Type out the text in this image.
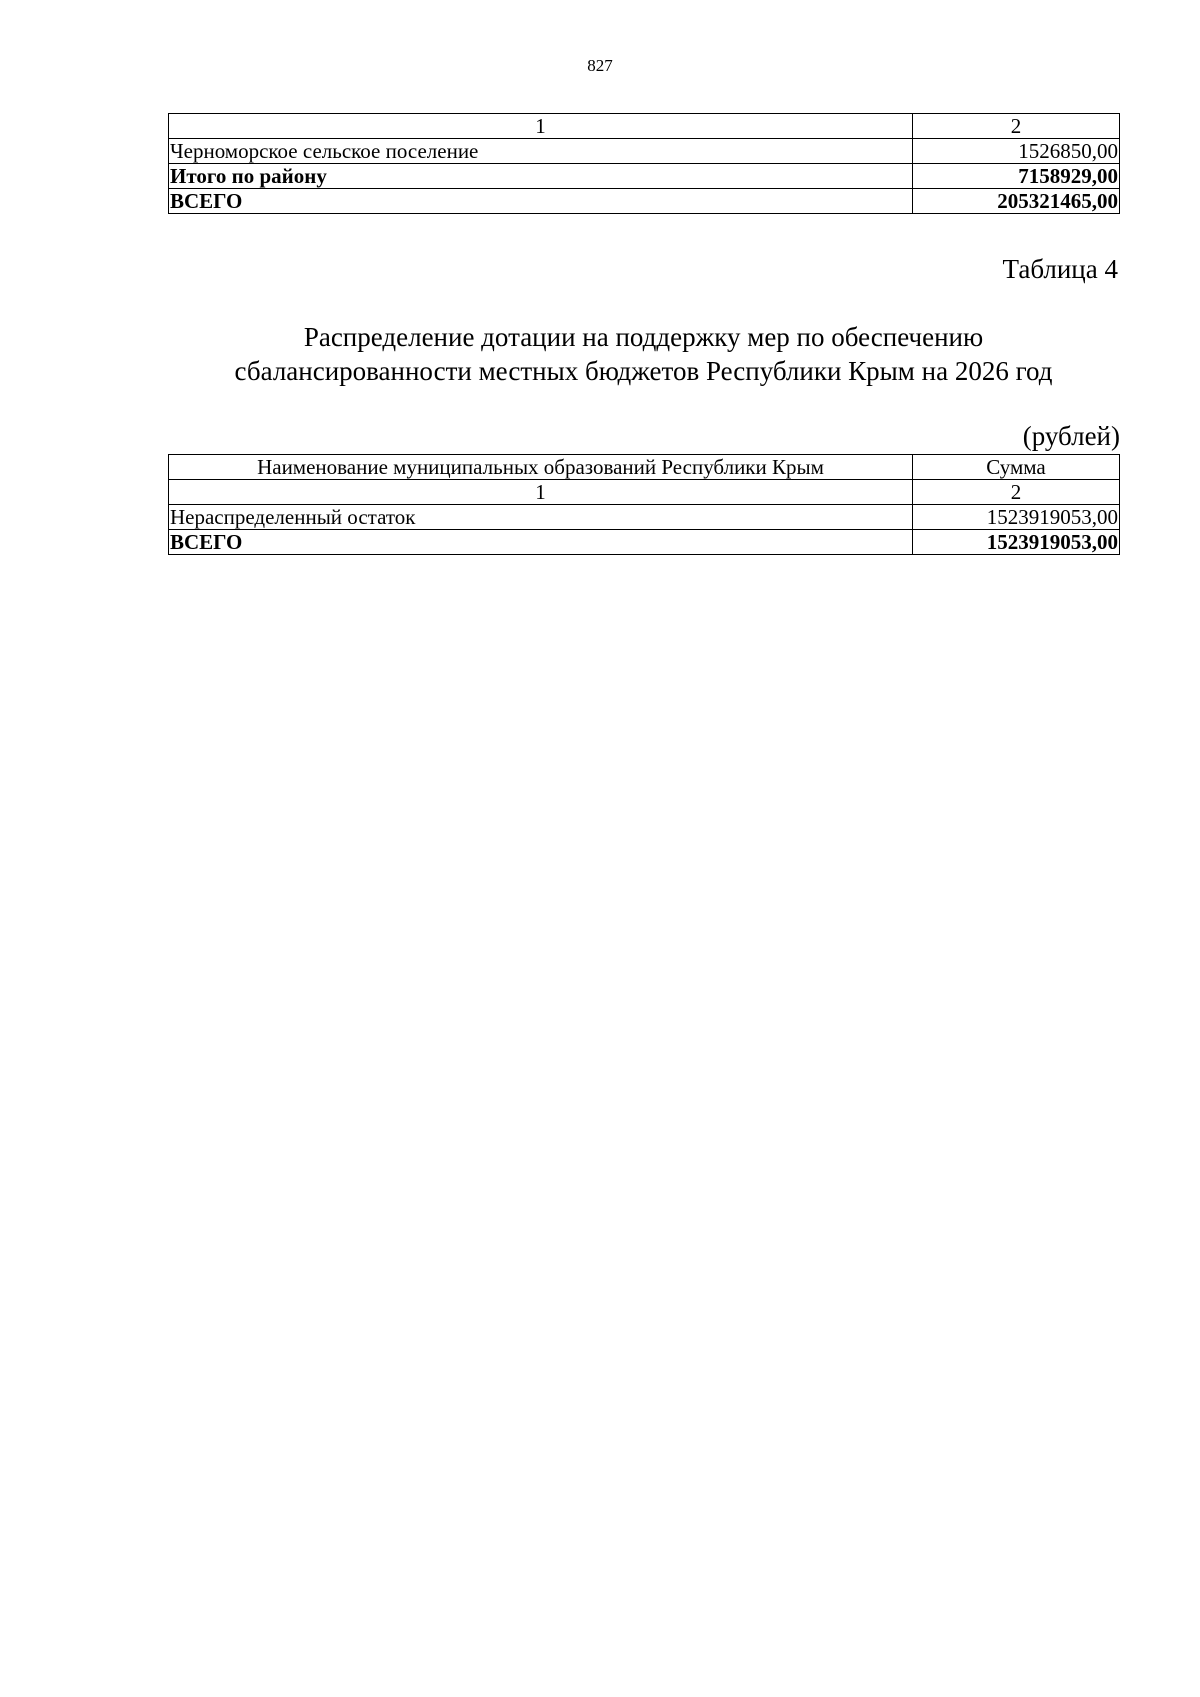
827
1	2
Черноморское сельское поселение	1526850,00
Итого по району	7158929,00
ВСЕГО	205321465,00
Таблица 4
Распределение дотации на поддержку мер по обеспечению
сбалансированности местных бюджетов Республики Крым на 2026 год
(рублей)
Наименование муниципальных образований Республики Крым	Сумма
1	2
Нераспределенный остаток	1523919053,00
ВСЕГО	1523919053,00
